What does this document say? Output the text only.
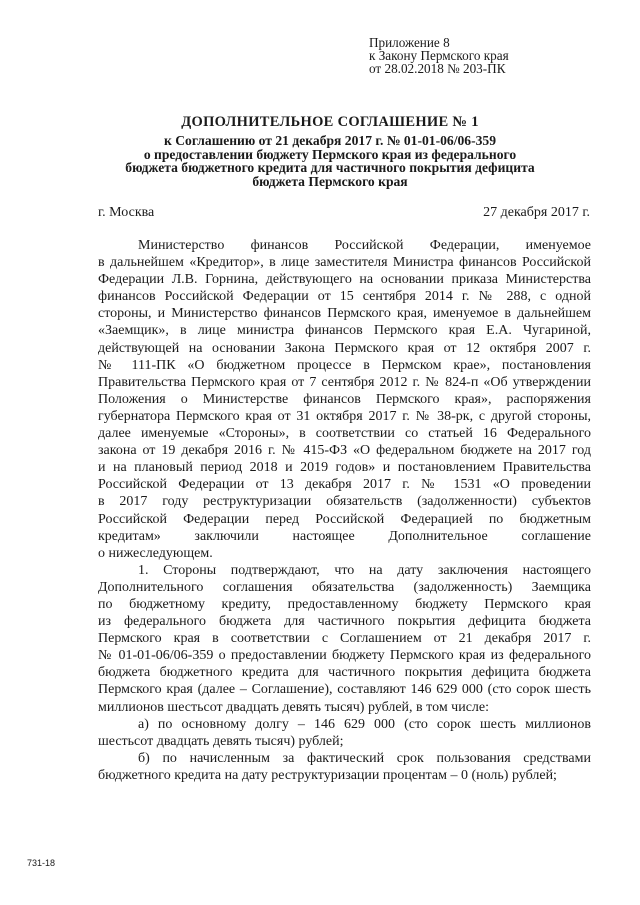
Приложение 8
к Закону Пермского края
от 28.02.2018 № 203-ПК
ДОПОЛНИТЕЛЬНОЕ СОГЛАШЕНИЕ № 1
к Соглашению от 21 декабря 2017 г. № 01-01-06/06-359
о предоставлении бюджету Пермского края из федерального
бюджета бюджетного кредита для частичного покрытия дефицита
бюджета Пермского края
г. Москва	27 декабря 2017 г.
Министерство финансов Российской Федерации, именуемое
в дальнейшем «Кредитор», в лице заместителя Министра финансов Российской
Федерации Л.В. Горнина, действующего на основании приказа Министерства
финансов Российской Федерации от 15 сентября 2014 г. № 288, с одной
стороны, и Министерство финансов Пермского края, именуемое в дальнейшем
«Заемщик», в лице министра финансов Пермского края Е.А. Чугариной,
действующей на основании Закона Пермского края от 12 октября 2007 г.
№ 111-ПК «О бюджетном процессе в Пермском крае», постановления
Правительства Пермского края от 7 сентября 2012 г. № 824-п «Об утверждении
Положения о Министерстве финансов Пермского края», распоряжения
губернатора Пермского края от 31 октября 2017 г. № 38-рк, с другой стороны,
далее именуемые «Стороны», в соответствии со статьей 16 Федерального
закона от 19 декабря 2016 г. № 415-ФЗ «О федеральном бюджете на 2017 год
и на плановый период 2018 и 2019 годов» и постановлением Правительства
Российской Федерации от 13 декабря 2017 г. № 1531 «О проведении
в 2017 году реструктуризации обязательств (задолженности) субъектов
Российской Федерации перед Российской Федерацией по бюджетным
кредитам» заключили настоящее Дополнительное соглашение
о нижеследующем.
1. Стороны подтверждают, что на дату заключения настоящего
Дополнительного соглашения обязательства (задолженность) Заемщика
по бюджетному кредиту, предоставленному бюджету Пермского края
из федерального бюджета для частичного покрытия дефицита бюджета
Пермского края в соответствии с Соглашением от 21 декабря 2017 г.
№ 01-01-06/06-359 о предоставлении бюджету Пермского края из федерального
бюджета бюджетного кредита для частичного покрытия дефицита бюджета
Пермского края (далее – Соглашение), составляют 146 629 000 (сто сорок шесть
миллионов шестьсот двадцать девять тысяч) рублей, в том числе:
а) по основному долгу – 146 629 000 (сто сорок шесть миллионов
шестьсот двадцать девять тысяч) рублей;
б) по начисленным за фактический срок пользования средствами
бюджетного кредита на дату реструктуризации процентам – 0 (ноль) рублей;
731-18
